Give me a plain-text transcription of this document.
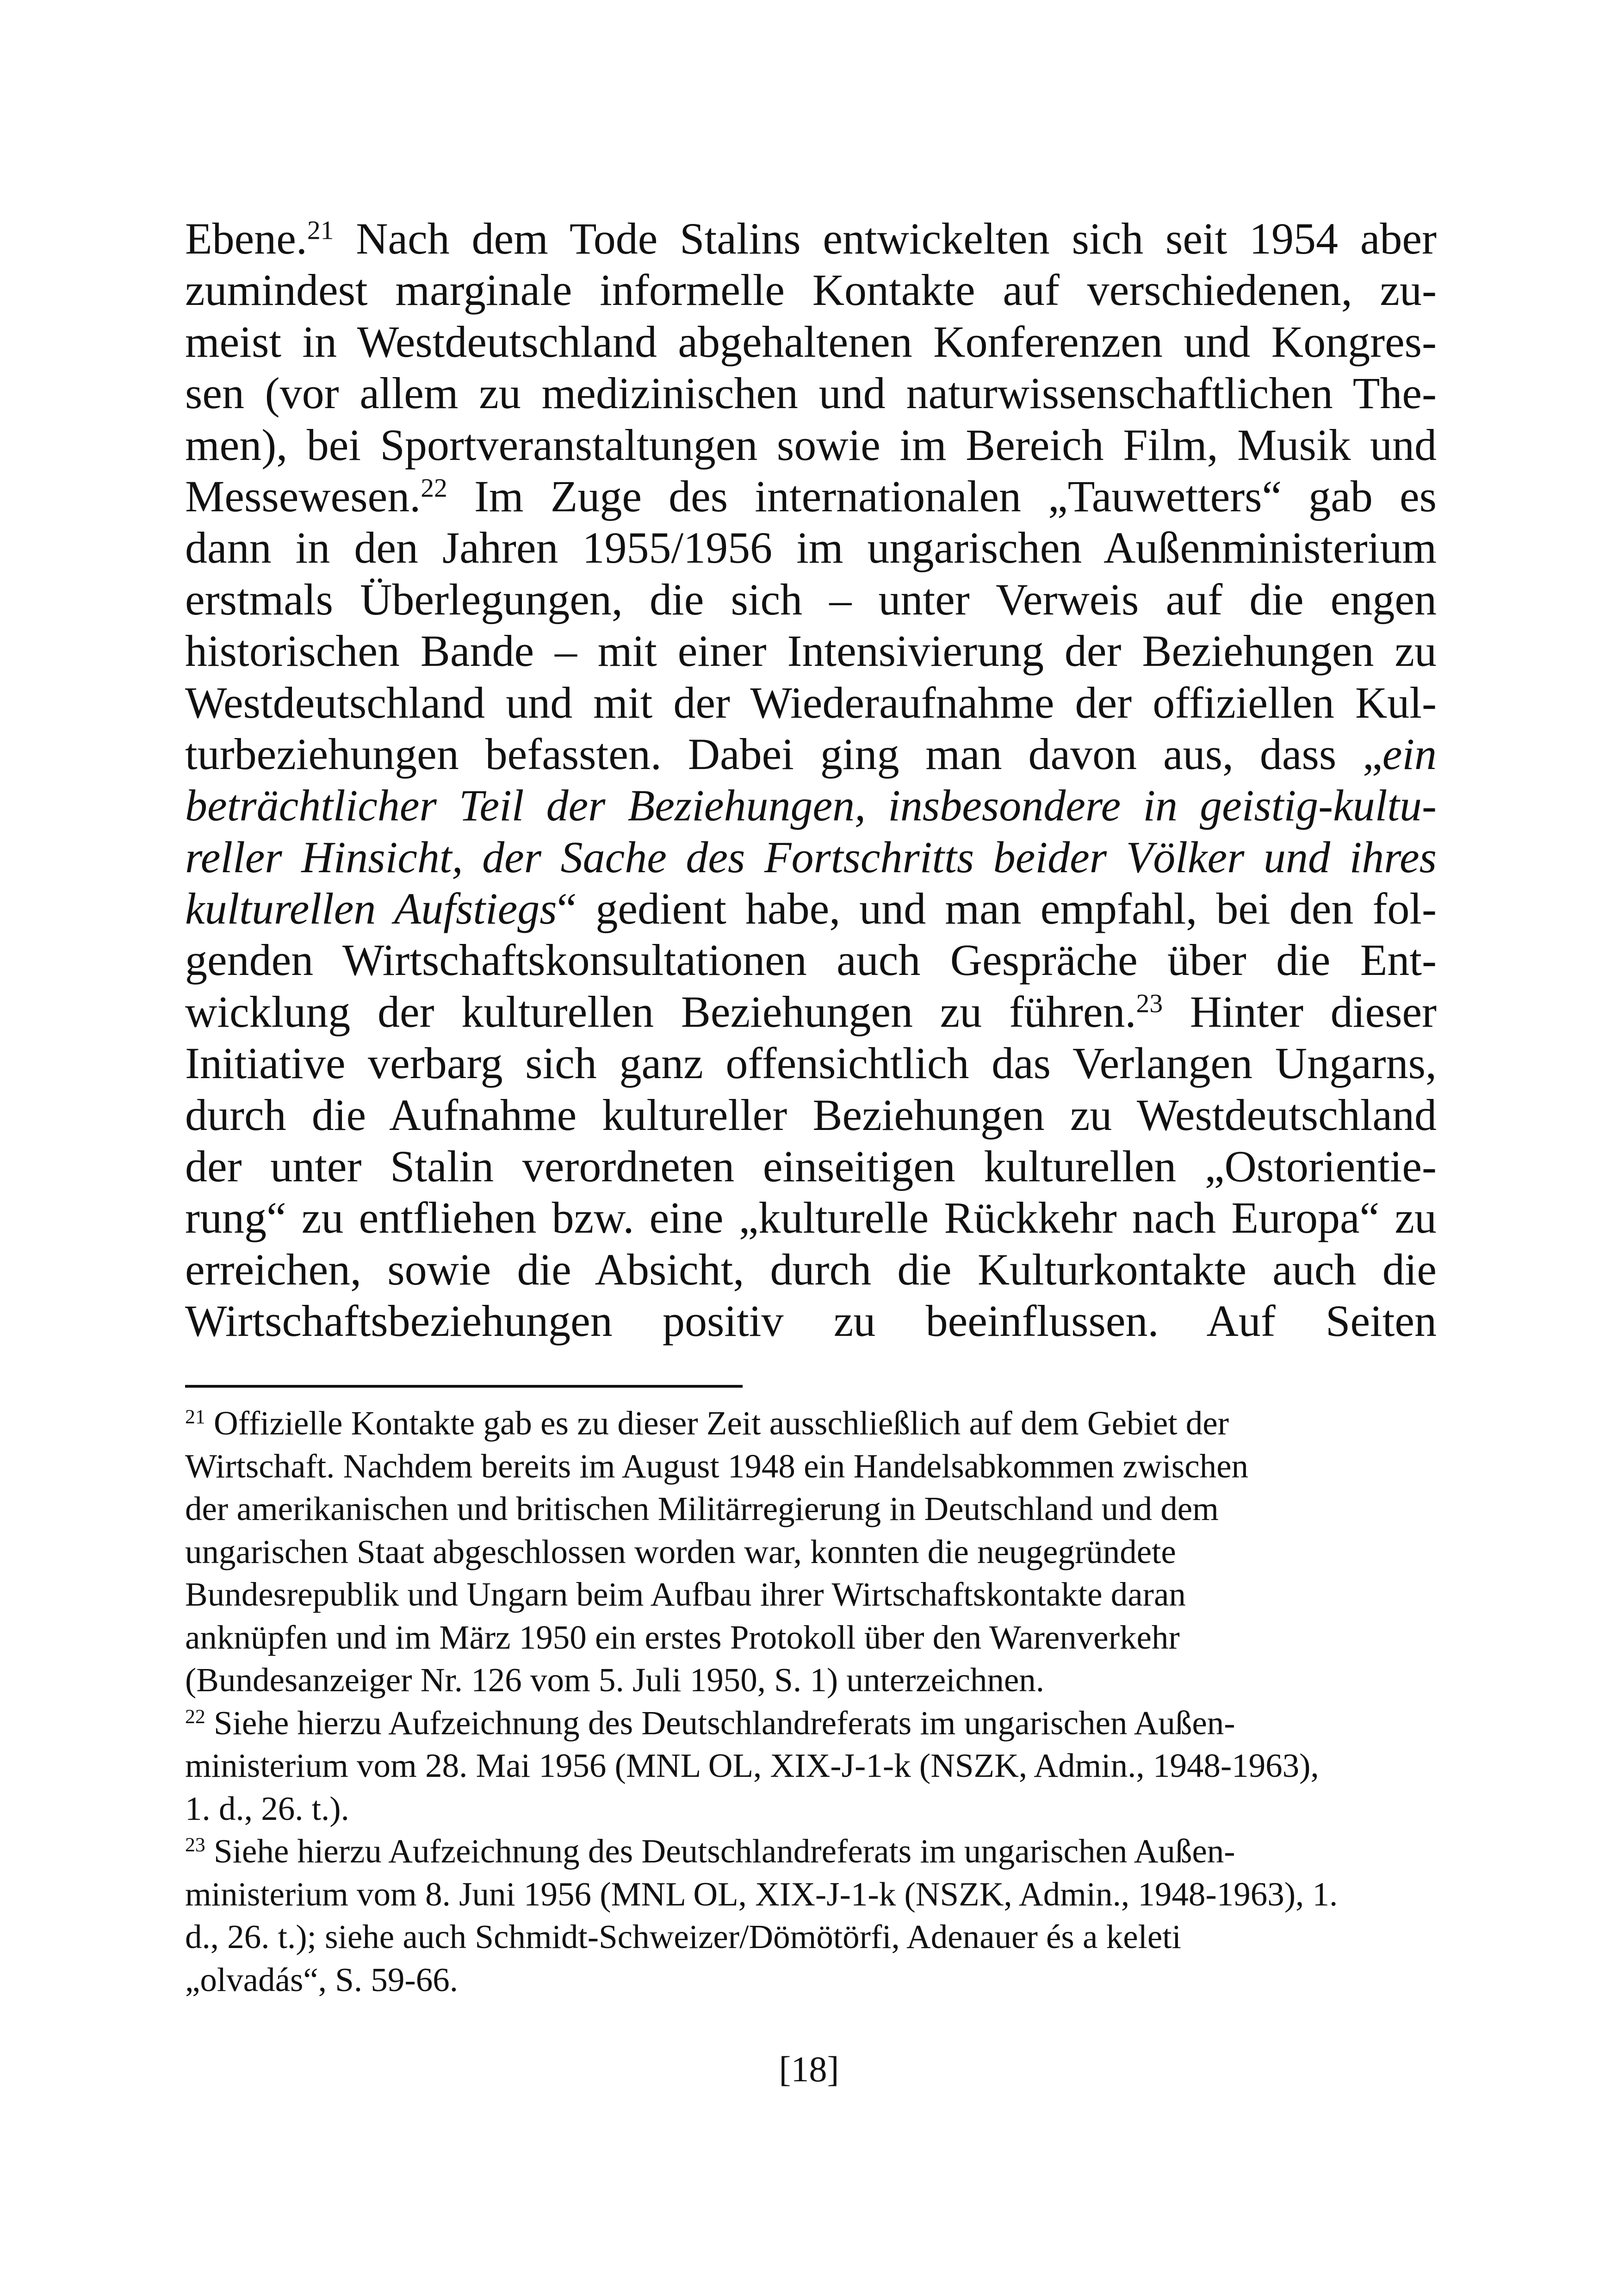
Ebene.$^{21}$ Nach dem Tode Stalins entwickelten sich seit 1954 aber
zumindest marginale informelle Kontakte auf verschiedenen, zu-
meist in Westdeutschland abgehaltenen Konferenzen und Kongres-
sen (vor allem zu medizinischen und naturwissenschaftlichen The-
men), bei Sportveranstaltungen sowie im Bereich Film, Musik und
Messewesen.$^{22}$ Im Zuge des internationalen „Tauwetters“ gab es
dann in den Jahren 1955/1956 im ungarischen Außenministerium
erstmals Überlegungen, die sich – unter Verweis auf die engen
historischen Bande – mit einer Intensivierung der Beziehungen zu
Westdeutschland und mit der Wiederaufnahme der offiziellen Kul-
turbeziehungen befassten. Dabei ging man davon aus, dass „ein
beträchtlicher Teil der Beziehungen, insbesondere in geistig-kultu-
reller Hinsicht, der Sache des Fortschritts beider Völker und ihres
kulturellen Aufstiegs“ gedient habe, und man empfahl, bei den fol-
genden Wirtschaftskonsultationen auch Gespräche über die Ent-
wicklung der kulturellen Beziehungen zu führen.$^{23}$ Hinter dieser
Initiative verbarg sich ganz offensichtlich das Verlangen Ungarns,
durch die Aufnahme kultureller Beziehungen zu Westdeutschland
der unter Stalin verordneten einseitigen kulturellen „Ostorientie-
rung“ zu entfliehen bzw. eine „kulturelle Rückkehr nach Europa“ zu
erreichen, sowie die Absicht, durch die Kulturkontakte auch die
Wirtschaftsbeziehungen positiv zu beeinflussen. Auf Seiten
$^{21}$ Offizielle Kontakte gab es zu dieser Zeit ausschließlich auf dem Gebiet der
Wirtschaft. Nachdem bereits im August 1948 ein Handelsabkommen zwischen
der amerikanischen und britischen Militärregierung in Deutschland und dem
ungarischen Staat abgeschlossen worden war, konnten die neugegründete
Bundesrepublik und Ungarn beim Aufbau ihrer Wirtschaftskontakte daran
anknüpfen und im März 1950 ein erstes Protokoll über den Warenverkehr
(Bundesanzeiger Nr. 126 vom 5. Juli 1950, S. 1) unterzeichnen.
$^{22}$ Siehe hierzu Aufzeichnung des Deutschlandreferats im ungarischen Außen-
ministerium vom 28. Mai 1956 (MNL OL, XIX-J-1-k (NSZK, Admin., 1948-1963),
1. d., 26. t.).
$^{23}$ Siehe hierzu Aufzeichnung des Deutschlandreferats im ungarischen Außen-
ministerium vom 8. Juni 1956 (MNL OL, XIX-J-1-k (NSZK, Admin., 1948-1963), 1.
d., 26. t.); siehe auch Schmidt-Schweizer/Dömötörfi, Adenauer és a keleti
„olvadás“, S. 59-66.
[18]
